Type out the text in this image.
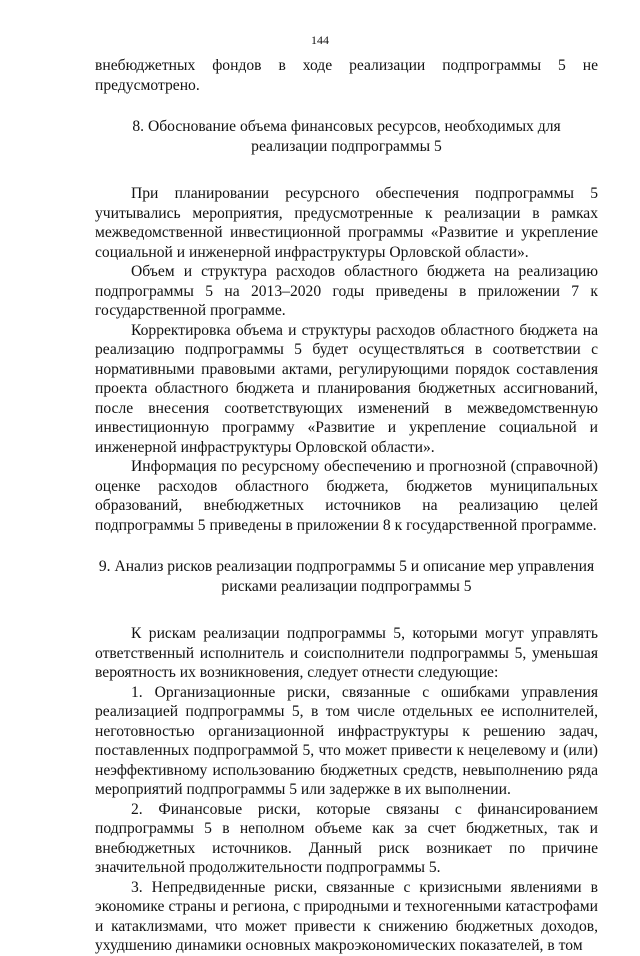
144

внебюджетных фондов в ходе реализации подпрограммы 5 не предусмотрено.

8. Обоснование объема финансовых ресурсов, необходимых для реализации подпрограммы 5

При планировании ресурсного обеспечения подпрограммы 5 учитывались мероприятия, предусмотренные к реализации в рамках межведомственной инвестиционной программы «Развитие и укрепление социальной и инженерной инфраструктуры Орловской области».

Объем и структура расходов областного бюджета на реализацию подпрограммы 5 на 2013–2020 годы приведены в приложении 7 к государственной программе.

Корректировка объема и структуры расходов областного бюджета на реализацию подпрограммы 5 будет осуществляться в соответствии с нормативными правовыми актами, регулирующими порядок составления проекта областного бюджета и планирования бюджетных ассигнований, после внесения соответствующих изменений в межведомственную инвестиционную программу «Развитие и укрепление социальной и инженерной инфраструктуры Орловской области».

Информация по ресурсному обеспечению и прогнозной (справочной) оценке расходов областного бюджета, бюджетов муниципальных образований, внебюджетных источников на реализацию целей подпрограммы 5 приведены в приложении 8 к государственной программе.

9. Анализ рисков реализации подпрограммы 5 и описание мер управления рисками реализации подпрограммы 5

К рискам реализации подпрограммы 5, которыми могут управлять ответственный исполнитель и соисполнители подпрограммы 5, уменьшая вероятность их возникновения, следует отнести следующие:

1. Организационные риски, связанные с ошибками управления реализацией подпрограммы 5, в том числе отдельных ее исполнителей, неготовностью организационной инфраструктуры к решению задач, поставленных подпрограммой 5, что может привести к нецелевому и (или) неэффективному использованию бюджетных средств, невыполнению ряда мероприятий подпрограммы 5 или задержке в их выполнении.

2. Финансовые риски, которые связаны с финансированием подпрограммы 5 в неполном объеме как за счет бюджетных, так и внебюджетных источников. Данный риск возникает по причине значительной продолжительности подпрограммы 5.

3. Непредвиденные риски, связанные с кризисными явлениями в экономике страны и региона, с природными и техногенными катастрофами и катаклизмами, что может привести к снижению бюджетных доходов, ухудшению динамики основных макроэкономических показателей, в том
